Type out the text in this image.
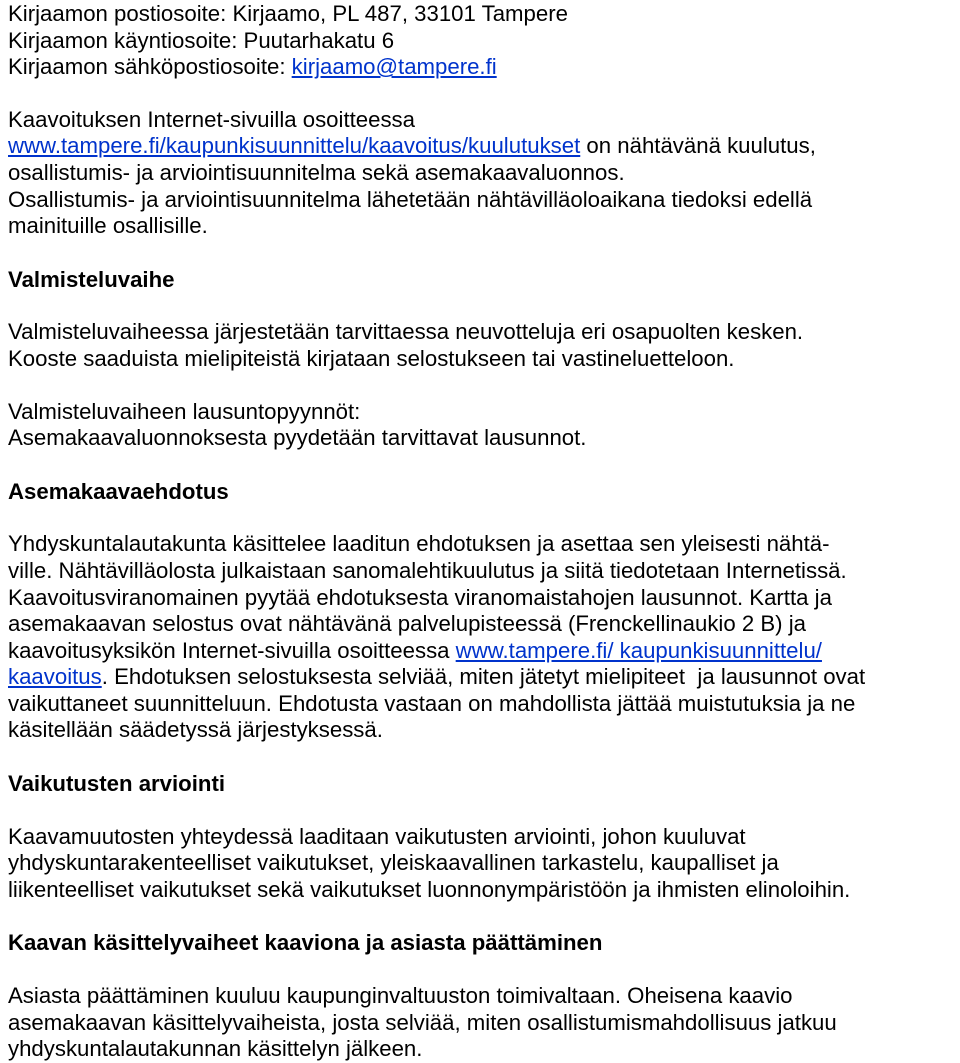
Kirjaamon postiosoite: Kirjaamo, PL 487, 33101 Tampere

Kirjaamon käyntiosoite: Puutarhakatu 6

Kirjaamon sähköpostiosoite: kirjaamo@tampere.fi

Kaavoituksen Internet-sivuilla osoitteessa

www.tampere.fi/kaupunkisuunnittelu/kaavoitus/kuulutukset on nähtävänä kuulutus,

osallistumis- ja arviointisuunnitelma sekä asemakaavaluonnos.

Osallistumis- ja arviointisuunnitelma lähetetään nähtävilläoloaikana tiedoksi edellä

mainituille osallisille.

Valmisteluvaihe

Valmisteluvaiheessa järjestetään tarvittaessa neuvotteluja eri osapuolten kesken.

Kooste saaduista mielipiteistä kirjataan selostukseen tai vastineluetteloon.

Valmisteluvaiheen lausuntopyynnöt:

Asemakaavaluonnoksesta pyydetään tarvittavat lausunnot.

Asemakaavaehdotus

Yhdyskuntalautakunta käsittelee laaditun ehdotuksen ja asettaa sen yleisesti nähtä-

ville. Nähtävilläolosta julkaistaan sanomalehtikuulutus ja siitä tiedotetaan Internetissä.

Kaavoitusviranomainen pyytää ehdotuksesta viranomaistahojen lausunnot. Kartta ja

asemakaavan selostus ovat nähtävänä palvelupisteessä (Frenckellinaukio 2 B) ja

kaavoitusyksikön Internet-sivuilla osoitteessa www.tampere.fi/ kaupunkisuunnittelu/

kaavoitus. Ehdotuksen selostuksesta selviää, miten jätetyt mielipiteet  ja lausunnot ovat

vaikuttaneet suunnitteluun. Ehdotusta vastaan on mahdollista jättää muistutuksia ja ne

käsitellään säädetyssä järjestyksessä.

Vaikutusten arviointi

Kaavamuutosten yhteydessä laaditaan vaikutusten arviointi, johon kuuluvat

yhdyskuntarakenteelliset vaikutukset, yleiskaavallinen tarkastelu, kaupalliset ja

liikenteelliset vaikutukset sekä vaikutukset luonnonympäristöön ja ihmisten elinoloihin.

Kaavan käsittelyvaiheet kaaviona ja asiasta päättäminen

Asiasta päättäminen kuuluu kaupunginvaltuuston toimivaltaan. Oheisena kaavio

asemakaavan käsittelyvaiheista, josta selviää, miten osallistumismahdollisuus jatkuu

yhdyskuntalautakunnan käsittelyn jälkeen.
